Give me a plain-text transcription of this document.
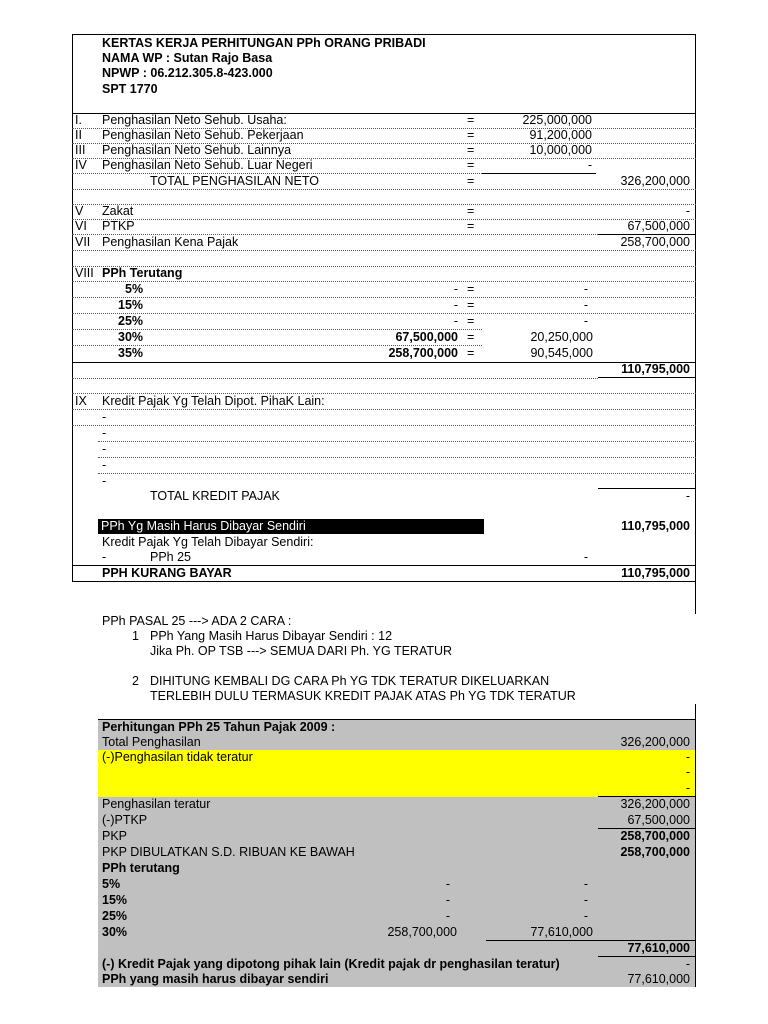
KERTAS KERJA PERHITUNGAN PPh ORANG PRIBADI
NAMA WP : Sutan Rajo Basa
NPWP : 06.212.305.8-423.000
SPT 1770
I. Penghasilan Neto Sehub. Usaha:	=	225,000,000
II Penghasilan Neto Sehub. Pekerjaan	=	91,200,000
III Penghasilan Neto Sehub. Lainnya	=	10,000,000
IV Penghasilan Neto Sehub. Luar Negeri	=	-
TOTAL PENGHASILAN NETO	=	326,200,000
V Zakat	=	-
VI PTKP	=	67,500,000
VII Penghasilan Kena Pajak	258,700,000
VIII PPh Terutang
5%	- =	-
15%	- =	-
25%	- =	-
30%	67,500,000 =	20,250,000
35%	258,700,000 =	90,545,000
110,795,000
IX Kredit Pajak Yg Telah Dipot. PihaK Lain:
-
-
-
-
-
TOTAL KREDIT PAJAK	-
PPh Yg Masih Harus Dibayar Sendiri	110,795,000
Kredit Pajak Yg Telah Dibayar Sendiri:
-	PPh 25	-
PPH KURANG BAYAR	110,795,000
PPh PASAL 25 ---> ADA 2 CARA :
1 PPh Yang Masih Harus Dibayar Sendiri : 12
Jika Ph. OP TSB ---> SEMUA DARI Ph. YG TERATUR
2 DIHITUNG KEMBALI DG CARA Ph YG TDK TERATUR DIKELUARKAN
TERLEBIH DULU TERMASUK KREDIT PAJAK ATAS Ph YG TDK TERATUR
Perhitungan PPh 25 Tahun Pajak 2009 :
Total Penghasilan	326,200,000
(-)Penghasilan tidak teratur	-
-
-
Penghasilan teratur	326,200,000
(-)PTKP	67,500,000
PKP	258,700,000
PKP DIBULATKAN S.D. RIBUAN KE BAWAH	258,700,000
PPh terutang
5%	-	-
15%	-	-
25%	-	-
30%	258,700,000	77,610,000
77,610,000
(-) Kredit Pajak yang dipotong pihak lain (Kredit pajak dr penghasilan teratur)	-
PPh yang masih harus dibayar sendiri	77,610,000
